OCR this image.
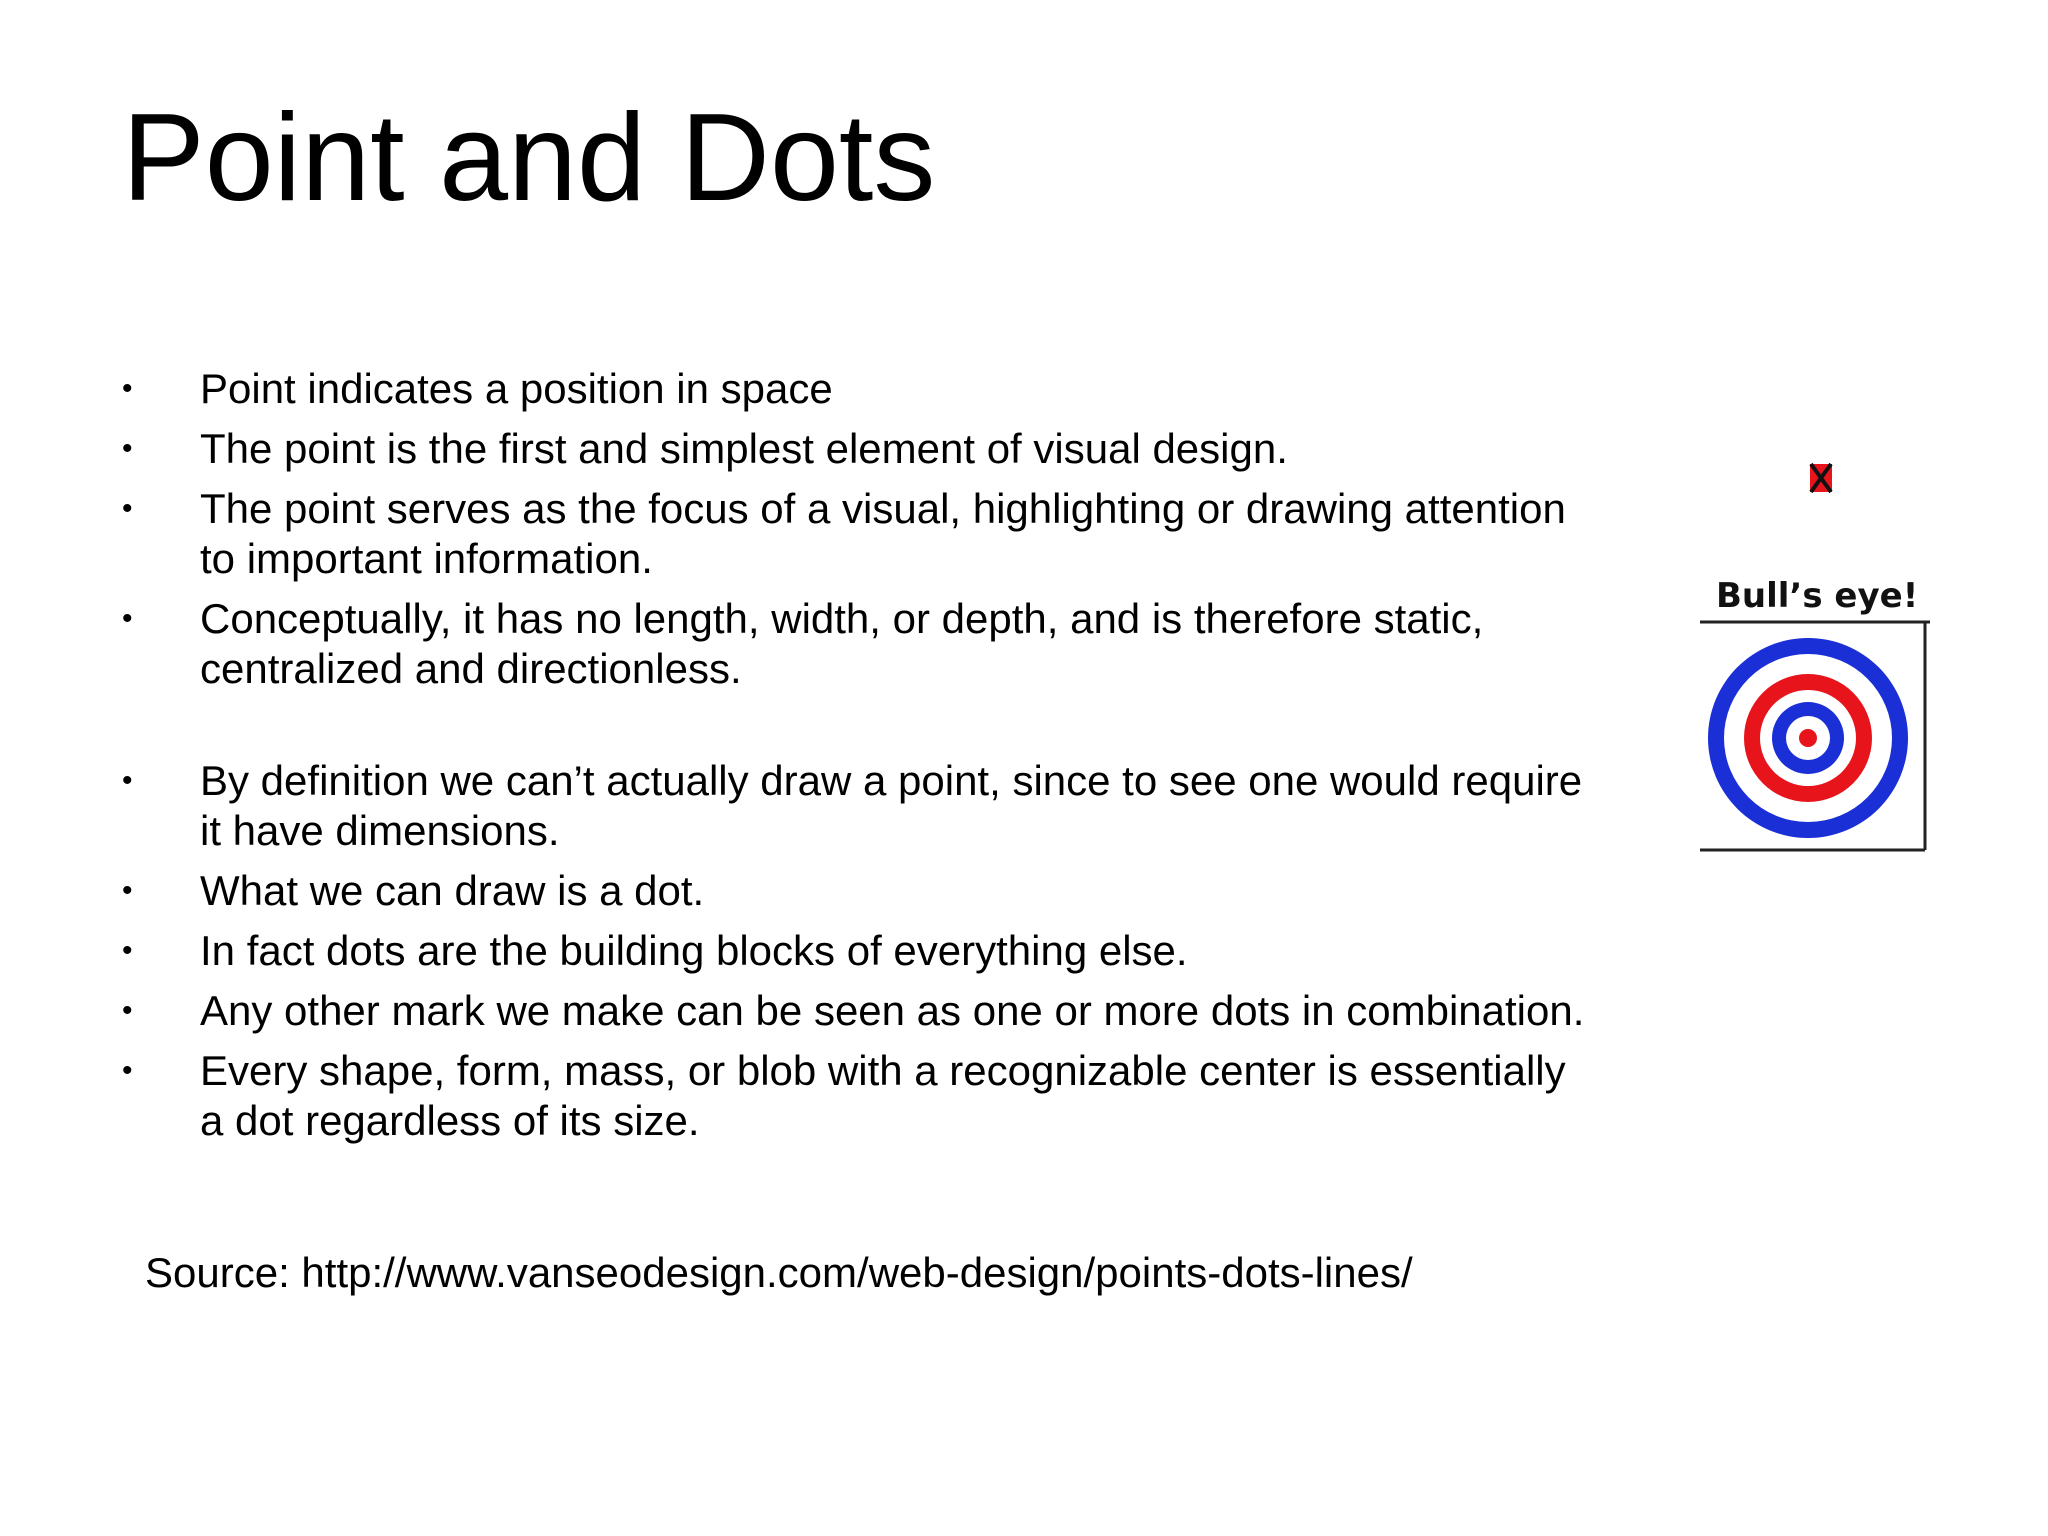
Point and Dots
• Point indicates a position in space
• The point is the first and simplest element of visual design.
• The point serves as the focus of a visual, highlighting or drawing attention to important information.
• Conceptually, it has no length, width, or depth, and is therefore static, centralized and directionless.
• By definition we can’t actually draw a point, since to see one would require it have dimensions.
• What we can draw is a dot.
• In fact dots are the building blocks of everything else.
• Any other mark we make can be seen as one or more dots in combination.
• Every shape, form, mass, or blob with a recognizable center is essentially a dot regardless of its size.
Source: http://www.vanseodesign.com/web-design/points-dots-lines/
Bull’s eye!
